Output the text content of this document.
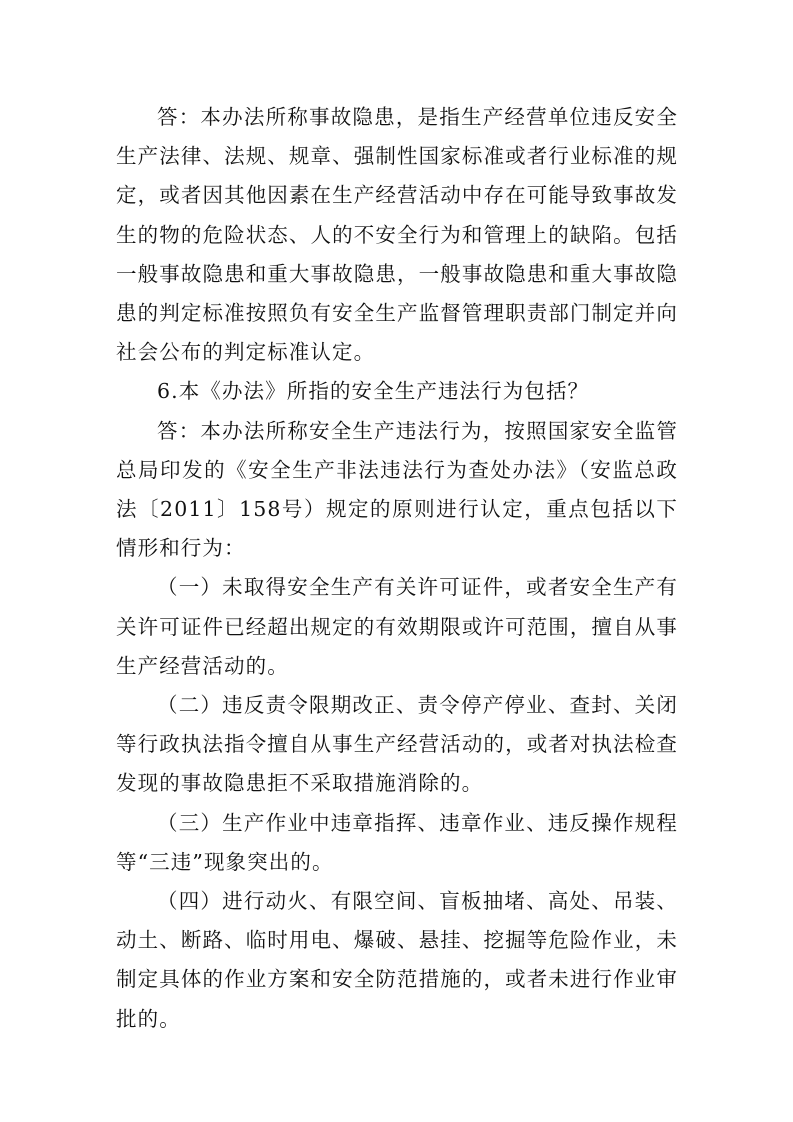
答：本办法所称事故隐患，是指生产经营单位违反安全生产法律、法规、规章、强制性国家标准或者行业标准的规定，或者因其他因素在生产经营活动中存在可能导致事故发生的物的危险状态、人的不安全行为和管理上的缺陷。包括一般事故隐患和重大事故隐患，一般事故隐患和重大事故隐患的判定标准按照负有安全生产监督管理职责部门制定并向社会公布的判定标准认定。

6.本《办法》所指的安全生产违法行为包括？

答：本办法所称安全生产违法行为，按照国家安全监管总局印发的《安全生产非法违法行为查处办法》（安监总政法〔2011〕158号）规定的原则进行认定，重点包括以下情形和行为：

（一）未取得安全生产有关许可证件，或者安全生产有关许可证件已经超出规定的有效期限或许可范围，擅自从事生产经营活动的。

（二）违反责令限期改正、责令停产停业、查封、关闭等行政执法指令擅自从事生产经营活动的，或者对执法检查发现的事故隐患拒不采取措施消除的。

（三）生产作业中违章指挥、违章作业、违反操作规程等“三违”现象突出的。

（四）进行动火、有限空间、盲板抽堵、高处、吊装、动土、断路、临时用电、爆破、悬挂、挖掘等危险作业，未制定具体的作业方案和安全防范措施的，或者未进行作业审批的。
